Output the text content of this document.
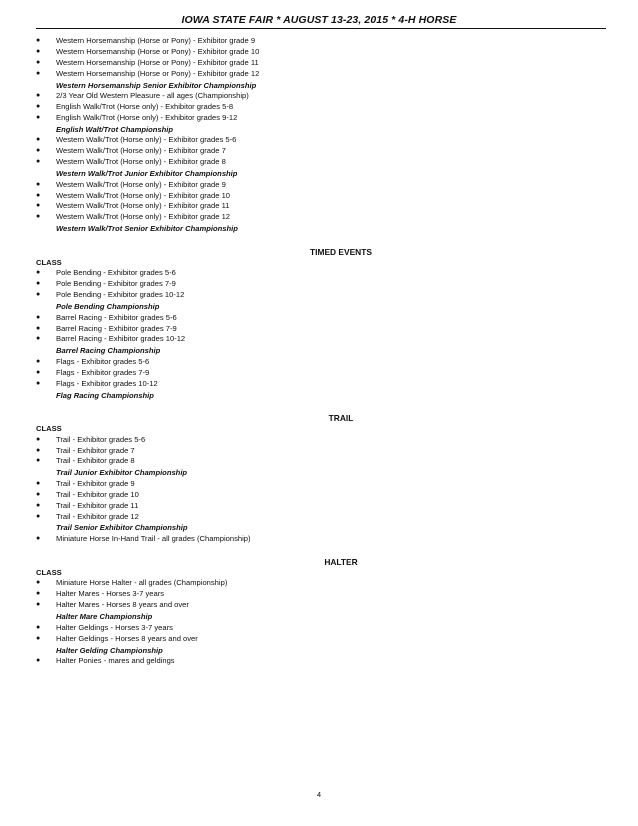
IOWA STATE FAIR * AUGUST 13-23, 2015 * 4-H HORSE
● Western Horsemanship (Horse or Pony) - Exhibitor grade 9
● Western Horsemanship (Horse or Pony) - Exhibitor grade 10
● Western Horsemanship (Horse or Pony) - Exhibitor grade 11
● Western Horsemanship (Horse or Pony) - Exhibitor grade 12
Western Horsemanship Senior Exhibitor Championship
● 2/3 Year Old Western Pleasure - all ages (Championship)
● English Walk/Trot (Horse only) - Exhibitor grades 5-8
● English Walk/Trot (Horse only) - Exhibitor grades 9-12
English Walt/Trot Championship
● Western Walk/Trot (Horse only) - Exhibitor grades 5-6
● Western Walk/Trot (Horse only) - Exhibitor grade 7
● Western Walk/Trot (Horse only) - Exhibitor grade 8
Western Walk/Trot Junior Exhibitor Championship
● Western Walk/Trot (Horse only) - Exhibitor grade 9
● Western Walk/Trot (Horse only) - Exhibitor grade 10
● Western Walk/Trot (Horse only) - Exhibitor grade 11
● Western Walk/Trot (Horse only) - Exhibitor grade 12
Western Walk/Trot Senior Exhibitor Championship
TIMED EVENTS
CLASS
● Pole Bending - Exhibitor grades 5-6
● Pole Bending - Exhibitor grades 7-9
● Pole Bending - Exhibitor grades 10-12
Pole Bending Championship
● Barrel Racing - Exhibitor grades 5-6
● Barrel Racing - Exhibitor grades 7-9
● Barrel Racing - Exhibitor grades 10-12
Barrel Racing Championship
● Flags - Exhibitor grades 5-6
● Flags - Exhibitor grades 7-9
● Flags - Exhibitor grades 10-12
Flag Racing Championship
TRAIL
CLASS
● Trail - Exhibitor grades 5-6
● Trail - Exhibitor grade 7
● Trail - Exhibitor grade 8
Trail Junior Exhibitor Championship
● Trail - Exhibitor grade 9
● Trail - Exhibitor grade 10
● Trail - Exhibitor grade 11
● Trail - Exhibitor grade 12
Trail Senior Exhibitor Championship
● Miniature Horse In-Hand Trail - all grades (Championship)
HALTER
CLASS
● Miniature Horse Halter - all grades (Championship)
● Halter Mares - Horses 3-7 years
● Halter Mares - Horses 8 years and over
Halter Mare Championship
● Halter Geldings - Horses 3-7 years
● Halter Geldings - Horses 8 years and over
Halter Gelding Championship
● Halter Ponies - mares and geldings
4
